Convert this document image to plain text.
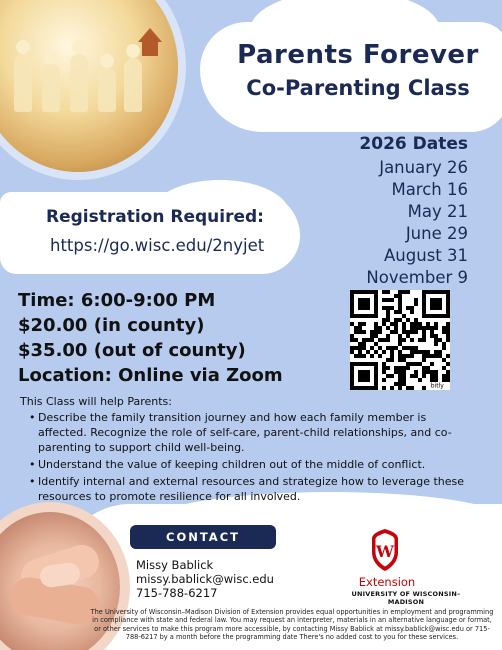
Parents Forever
Co-Parenting Class
2026 Dates
January 26
March 16
May 21
June 29
August 31
November 9
Registration Required:
https://go.wisc.edu/2nyjet
Time: 6:00-9:00 PM
$20.00 (in county)
$35.00 (out of county)
Location: Online via Zoom
bitly
This Class will help Parents:
• Describe the family transition journey and how each family member is affected. Recognize the role of self-care, parent-child relationships, and co-parenting to support child well-being.
• Understand the value of keeping children out of the middle of conflict.
• Identify internal and external resources and strategize how to leverage these resources to promote resilience for all involved.
CONTACT
Missy Bablick
missy.bablick@wisc.edu
715-788-6217
W
Extension
UNIVERSITY OF WISCONSIN–MADISON
The University of Wisconsin–Madison Division of Extension provides equal opportunities in employment and programming in compliance with state and federal law. You may request an interpreter, materials in an alternative language or format, or other services to make this program more accessible, by contacting Missy Bablick at missy.bablick@wisc.edu or 715-788-6217 by a month before the programming date There's no added cost to you for these services.
